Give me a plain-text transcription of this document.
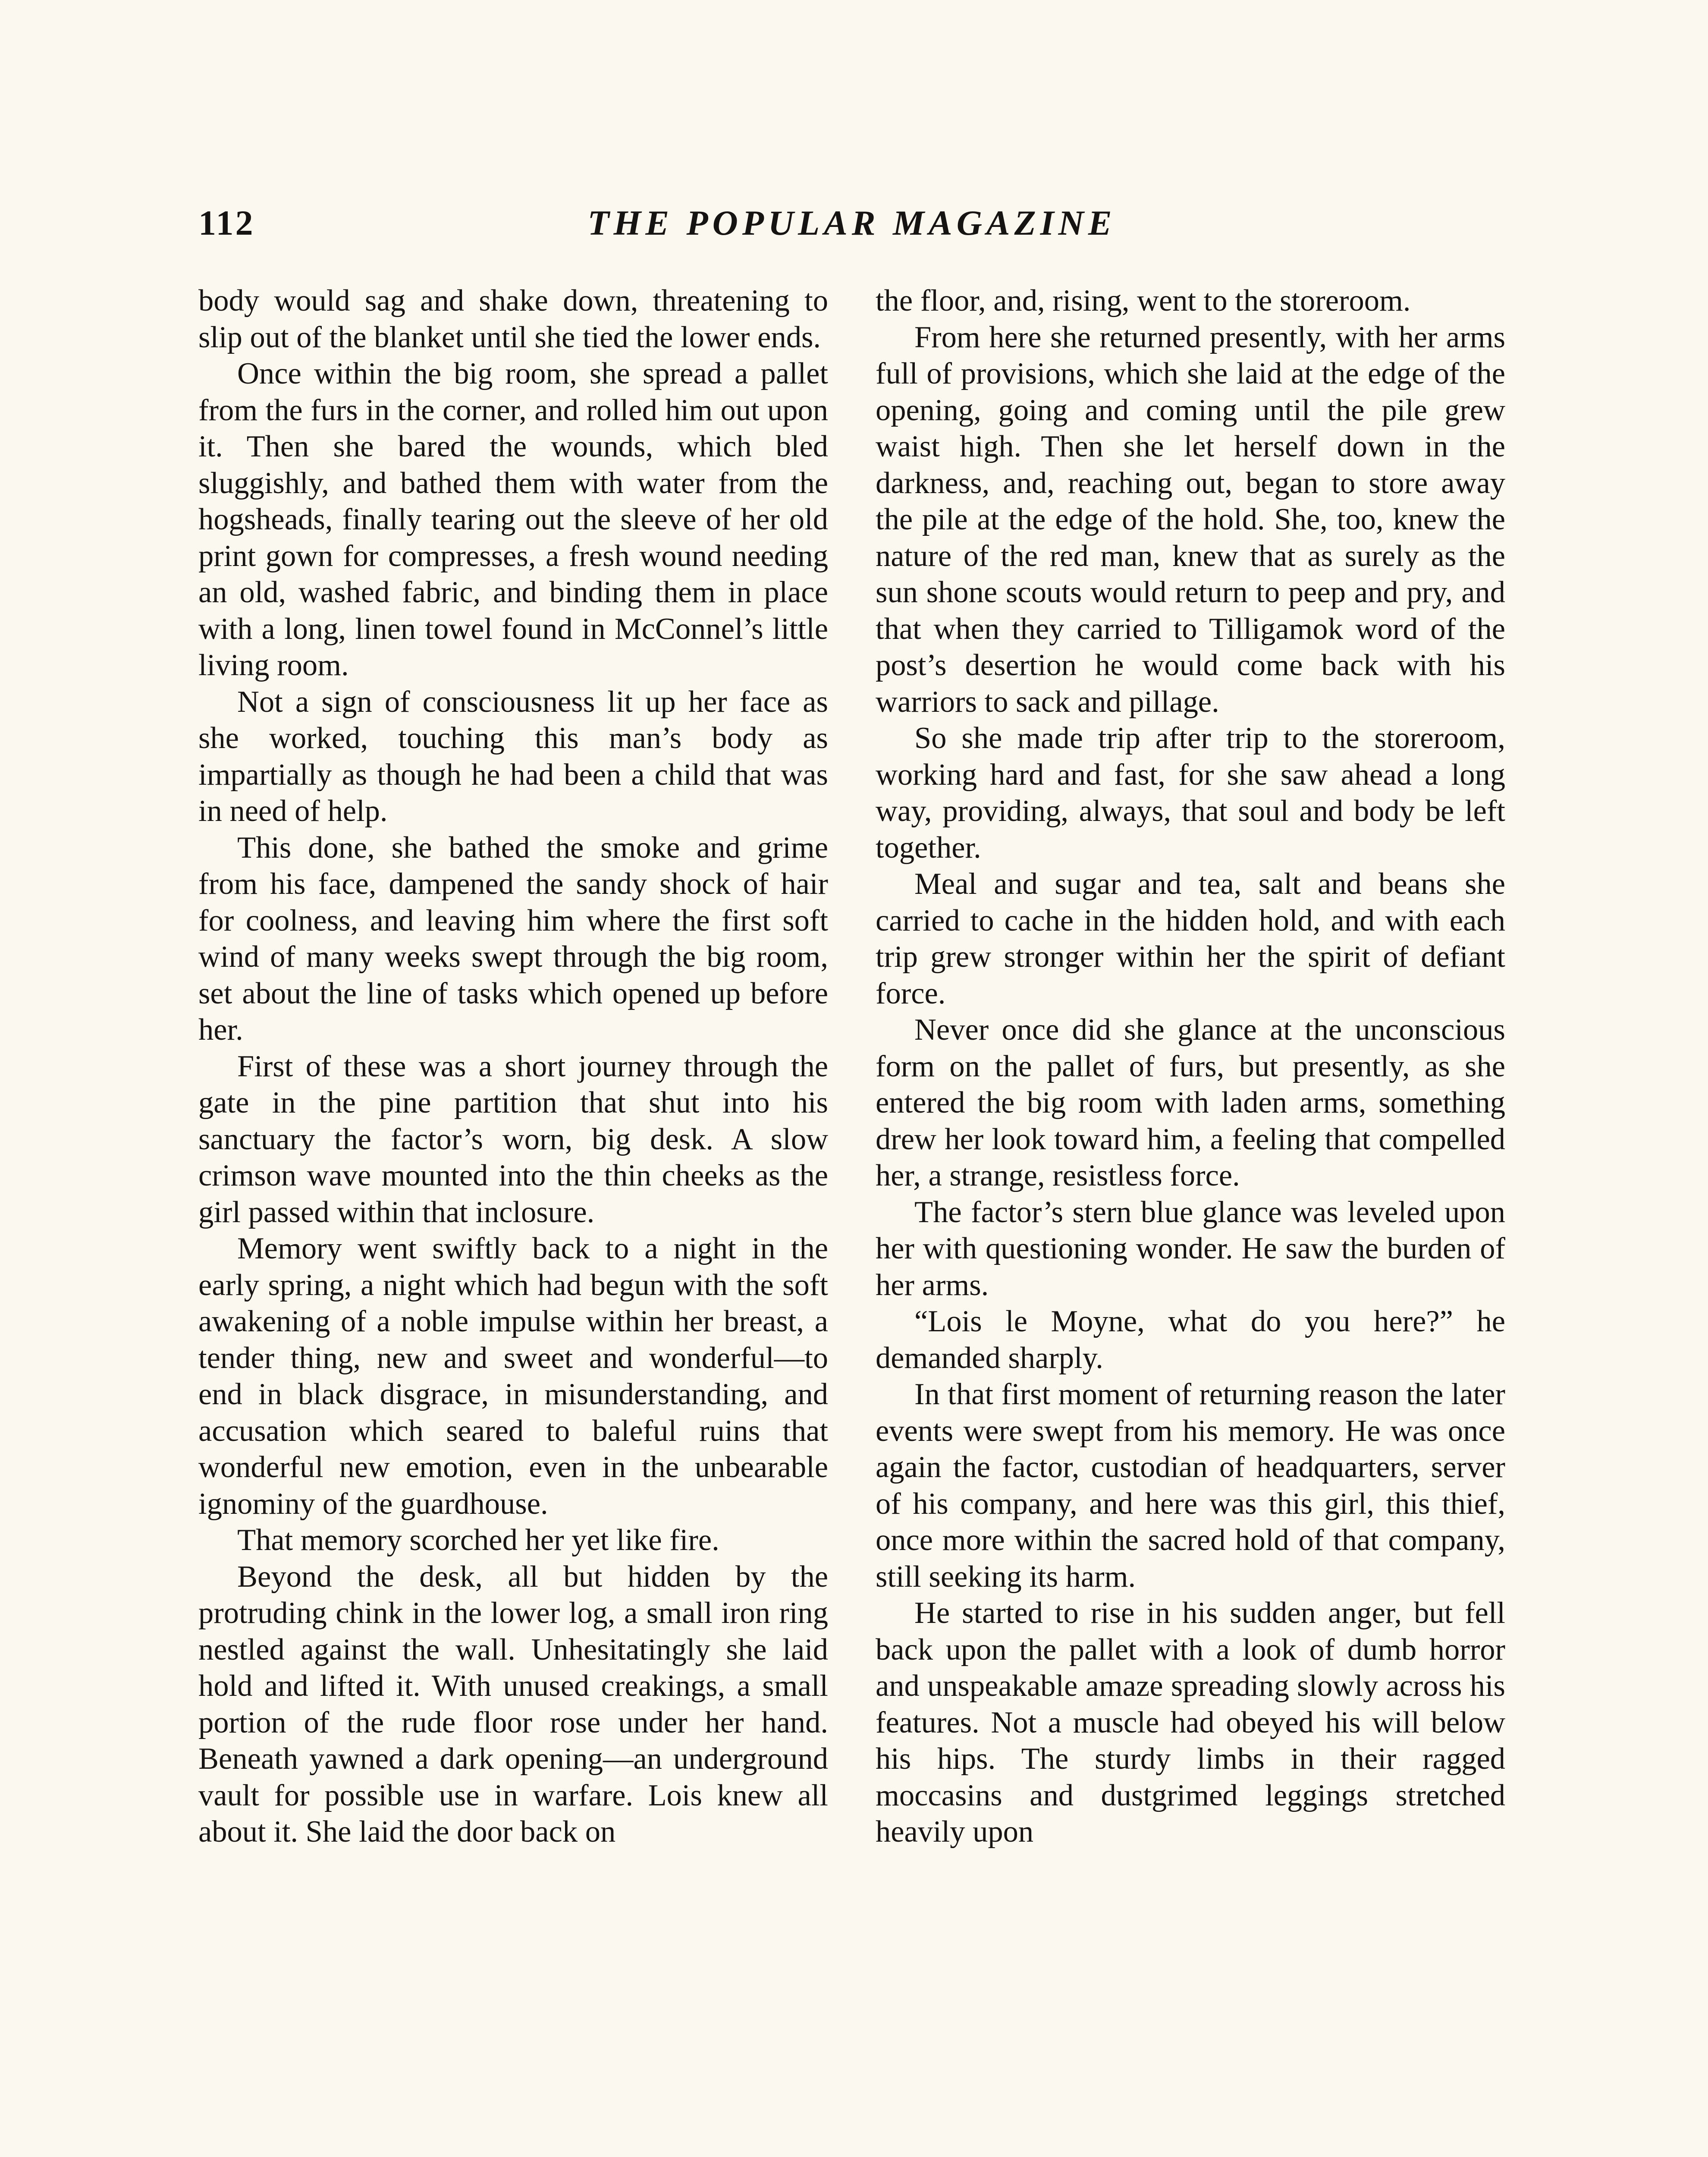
112	THE POPULAR MAGAZINE

body would sag and shake down, threatening to slip out of the blanket until she tied the lower ends.

Once within the big room, she spread a pallet from the furs in the corner, and rolled him out upon it. Then she bared the wounds, which bled sluggishly, and bathed them with water from the hogsheads, finally tearing out the sleeve of her old print gown for compresses, a fresh wound needing an old, washed fabric, and binding them in place with a long, linen towel found in McConnel’s little living room.

Not a sign of consciousness lit up her face as she worked, touching this man’s body as impartially as though he had been a child that was in need of help.

This done, she bathed the smoke and grime from his face, dampened the sandy shock of hair for coolness, and leaving him where the first soft wind of many weeks swept through the big room, set about the line of tasks which opened up before her.

First of these was a short journey through the gate in the pine partition that shut into his sanctuary the factor’s worn, big desk. A slow crimson wave mounted into the thin cheeks as the girl passed within that inclosure.

Memory went swiftly back to a night in the early spring, a night which had begun with the soft awakening of a noble impulse within her breast, a tender thing, new and sweet and wonderful—to end in black disgrace, in misunderstanding, and accusation which seared to baleful ruins that wonderful new emotion, even in the unbearable ignominy of the guardhouse.

That memory scorched her yet like fire.

Beyond the desk, all but hidden by the protruding chink in the lower log, a small iron ring nestled against the wall. Unhesitatingly she laid hold and lifted it. With unused creakings, a small portion of the rude floor rose under her hand. Beneath yawned a dark opening—an underground vault for possible use in warfare. Lois knew all about it. She laid the door back on

the floor, and, rising, went to the storeroom.

From here she returned presently, with her arms full of provisions, which she laid at the edge of the opening, going and coming until the pile grew waist high. Then she let herself down in the darkness, and, reaching out, began to store away the pile at the edge of the hold. She, too, knew the nature of the red man, knew that as surely as the sun shone scouts would return to peep and pry, and that when they carried to Tilligamok word of the post’s desertion he would come back with his warriors to sack and pillage.

So she made trip after trip to the storeroom, working hard and fast, for she saw ahead a long way, providing, always, that soul and body be left together.

Meal and sugar and tea, salt and beans she carried to cache in the hidden hold, and with each trip grew stronger within her the spirit of defiant force.

Never once did she glance at the unconscious form on the pallet of furs, but presently, as she entered the big room with laden arms, something drew her look toward him, a feeling that compelled her, a strange, resistless force.

The factor’s stern blue glance was leveled upon her with questioning wonder. He saw the burden of her arms.

“Lois le Moyne, what do you here?” he demanded sharply.

In that first moment of returning reason the later events were swept from his memory. He was once again the factor, custodian of headquarters, server of his company, and here was this girl, this thief, once more within the sacred hold of that company, still seeking its harm.

He started to rise in his sudden anger, but fell back upon the pallet with a look of dumb horror and unspeakable amaze spreading slowly across his features. Not a muscle had obeyed his will below his hips. The sturdy limbs in their ragged moccasins and dustgrimed leggings stretched heavily upon
